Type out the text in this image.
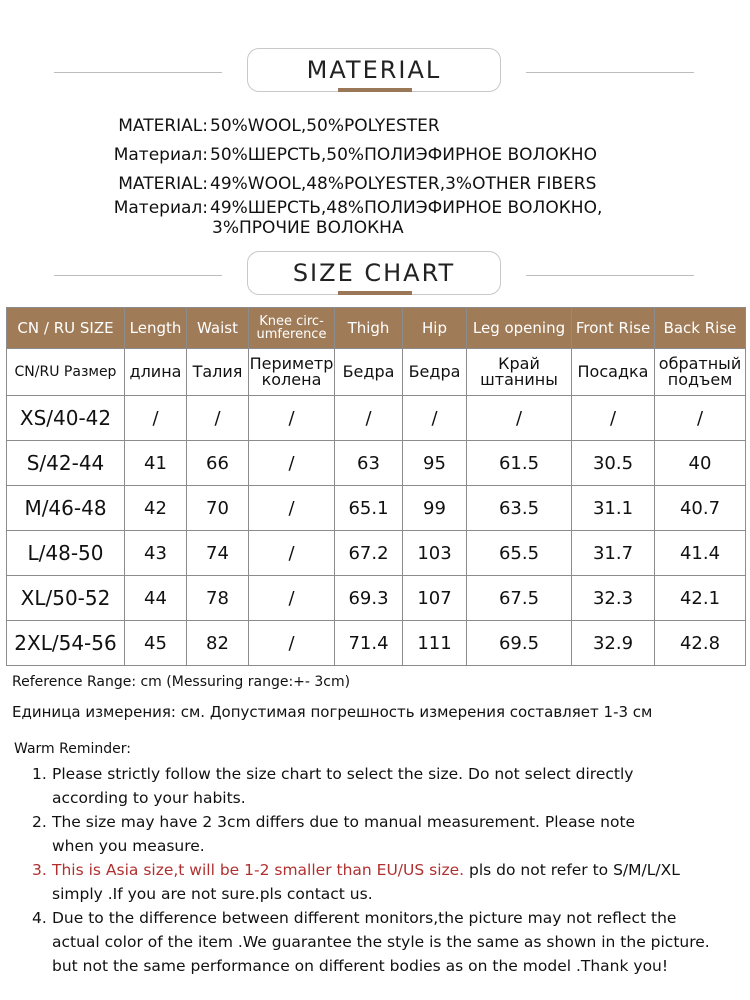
MATERIAL
MATERIAL: 50%WOOL,50%POLYESTER
Материал: 50%ШЕРСТЬ,50%ПОЛИЭФИРНОЕ ВОЛОКНО
MATERIAL: 49%WOOL,48%POLYESTER,3%OTHER FIBERS
Материал: 49%ШЕРСТЬ,48%ПОЛИЭФИРНОЕ ВОЛОКНО,
3%ПРОЧИЕ ВОЛОКНА
SIZE CHART
CN / RU SIZE	Length	Waist	Knee circ-
umference	Thigh	Hip	Leg opening	Front Rise	Back Rise
CN/RU Размер	длина	Талия	Периметр
колена	Бедра	Бедра	Край
штанины	Посадка	обратный
подъем
XS/40-42	/	/	/	/	/	/	/	/
S/42-44	41	66	/	63	95	61.5	30.5	40
M/46-48	42	70	/	65.1	99	63.5	31.1	40.7
L/48-50	43	74	/	67.2	103	65.5	31.7	41.4
XL/50-52	44	78	/	69.3	107	67.5	32.3	42.1
2XL/54-56	45	82	/	71.4	111	69.5	32.9	42.8
Reference Range: cm (Messuring range:+- 3cm)
Единица измерения: см. Допустимая погрешность измерения составляет 1-3 см
Warm Reminder:
1. Please strictly follow the size chart to select the size. Do not select directly
according to your habits.
2. The size may have 2 3cm differs due to manual measurement. Please note
when you measure.
3. This is Asia size,t will be 1-2 smaller than EU/US size. pls do not refer to S/M/L/XL
simply .If you are not sure.pls contact us.
4. Due to the difference between different monitors,the picture may not reflect the
actual color of the item .We guarantee the style is the same as shown in the picture.
but not the same performance on different bodies as on the model .Thank you!
